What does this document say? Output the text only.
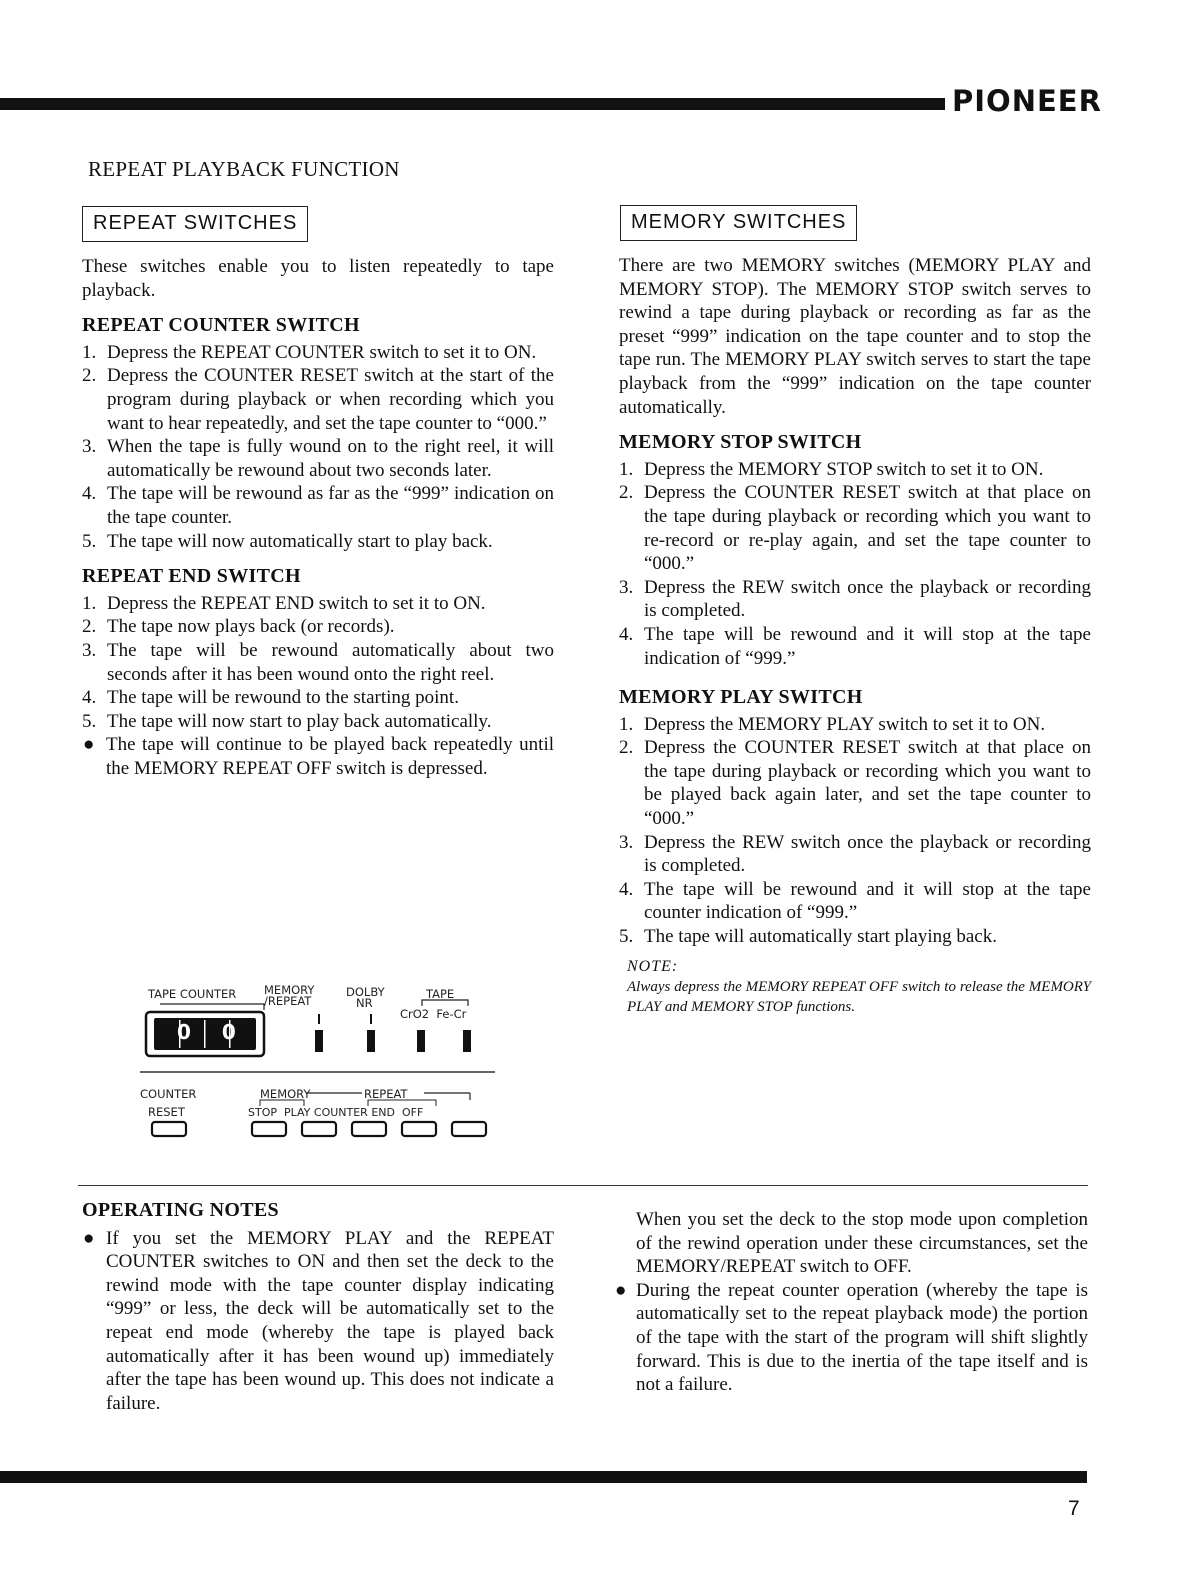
PIONEER
REPEAT PLAYBACK FUNCTION
REPEAT SWITCHES

These switches enable you to listen repeatedly to tape playback.

REPEAT COUNTER SWITCH

1. Depress the REPEAT COUNTER switch to set it to ON.
2. Depress the COUNTER RESET switch at the start of the program during playback or when recording which you want to hear repeatedly, and set the tape counter to “000.”
3. When the tape is fully wound on to the right reel, it will automatically be rewound about two seconds later.
4. The tape will be rewound as far as the “999” indication on the tape counter.
5. The tape will now automatically start to play back.

REPEAT END SWITCH

1. Depress the REPEAT END switch to set it to ON.
2. The tape now plays back (or records).
3. The tape will be rewound automatically about two seconds after it has been wound onto the right reel.
4. The tape will be rewound to the starting point.
5. The tape will now start to play back automatically.
● The tape will continue to be played back repeatedly until the MEMORY REPEAT OFF switch is depressed.
TAPE COUNTER MEMORY
/REPEAT
DOLBY
NR
TAPE
CrO2  Fe-Cr
COUNTER
RESET
MEMORY	REPEAT
STOP  PLAY COUNTER END  OFF
0 0 0
MEMORY SWITCHES

There are two MEMORY switches (MEMORY PLAY and MEMORY STOP). The MEMORY STOP switch serves to rewind a tape during playback or recording as far as the preset “999” indication on the tape counter and to stop the tape run. The MEMORY PLAY switch serves to start the tape playback from the “999” indication on the tape counter automatically.

MEMORY STOP SWITCH

1. Depress the MEMORY STOP switch to set it to ON.
2. Depress the COUNTER RESET switch at that place on the tape during playback or recording which you want to re-record or re-play again, and set the tape counter to “000.”
3. Depress the REW switch once the playback or recording is completed.
4. The tape will be rewound and it will stop at the tape indication of “999.”

MEMORY PLAY SWITCH

1. Depress the MEMORY PLAY switch to set it to ON.
2. Depress the COUNTER RESET switch at that place on the tape during playback or recording which you want to be played back again later, and set the tape counter to “000.”
3. Depress the REW switch once the playback or recording is completed.
4. The tape will be rewound and it will stop at the tape counter indication of “999.”
5. The tape will automatically start playing back.
NOTE:
Always depress the MEMORY REPEAT OFF switch to release the MEMORY PLAY and MEMORY STOP functions.

OPERATING NOTES

● If you set the MEMORY PLAY and the REPEAT COUNTER switches to ON and then set the deck to the rewind mode with the tape counter display indicating “999” or less, the deck will be automatically set to the repeat end mode (whereby the tape is played back automatically after it has been wound up) immediately after the tape has been wound up. This does not indicate a failure.

When you set the deck to the stop mode upon completion of the rewind operation under these circumstances, set the MEMORY/REPEAT switch to OFF.

● During the repeat counter operation (whereby the tape is automatically set to the repeat playback mode) the portion of the tape with the start of the program will shift slightly forward. This is due to the inertia of the tape itself and is not a failure.
7
